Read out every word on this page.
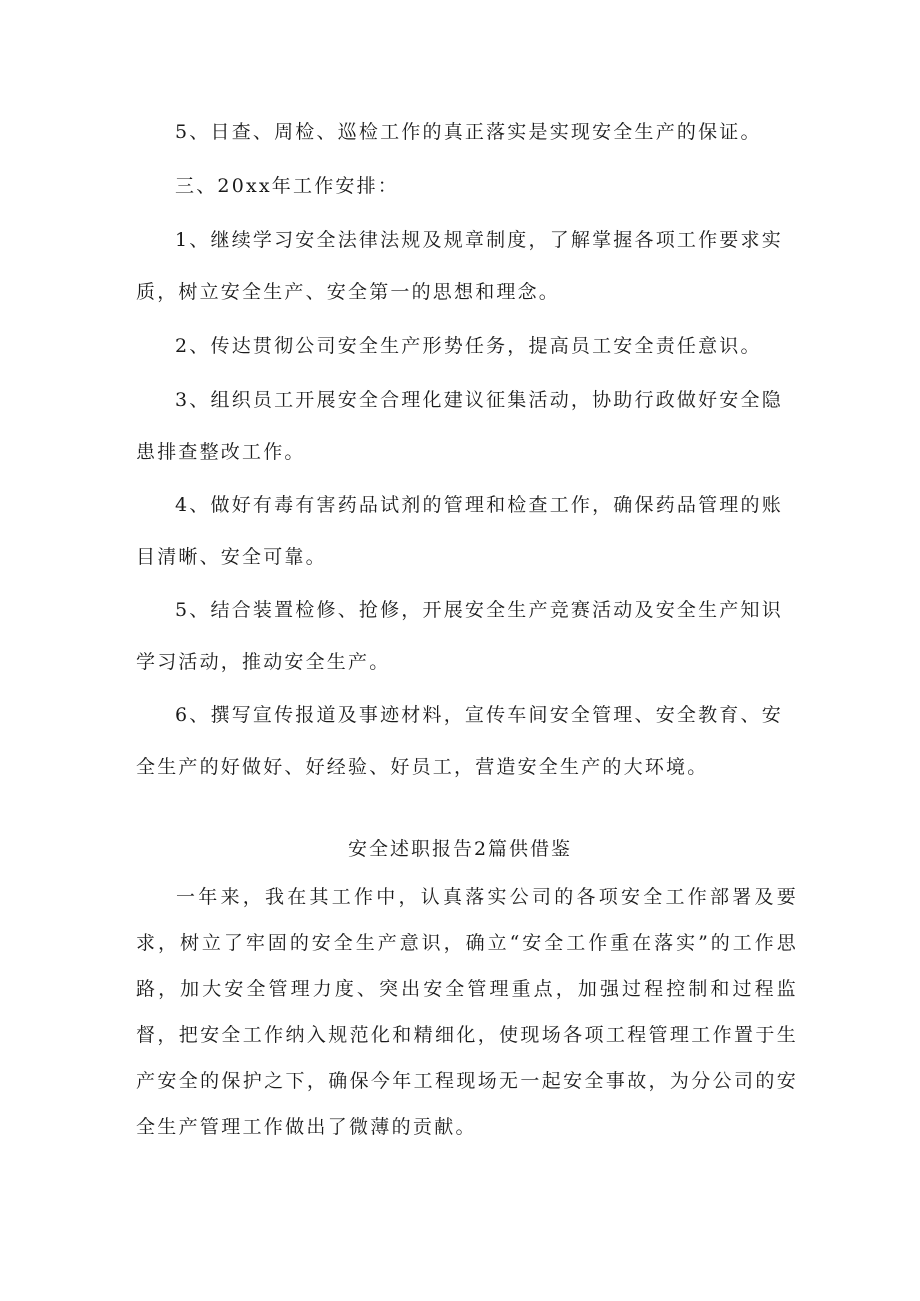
5、日查、周检、巡检工作的真正落实是实现安全生产的保证。

三、20xx年工作安排：

1、继续学习安全法律法规及规章制度，了解掌握各项工作要求实质，树立安全生产、安全第一的思想和理念。

2、传达贯彻公司安全生产形势任务，提高员工安全责任意识。

3、组织员工开展安全合理化建议征集活动，协助行政做好安全隐患排查整改工作。

4、做好有毒有害药品试剂的管理和检查工作，确保药品管理的账目清晰、安全可靠。

5、结合装置检修、抢修，开展安全生产竞赛活动及安全生产知识学习活动，推动安全生产。

6、撰写宣传报道及事迹材料，宣传车间安全管理、安全教育、安全生产的好做好、好经验、好员工，营造安全生产的大环境。

安全述职报告2篇供借鉴

一年来，我在其工作中，认真落实公司的各项安全工作部署及要求，树立了牢固的安全生产意识，确立“安全工作重在落实”的工作思路，加大安全管理力度、突出安全管理重点，加强过程控制和过程监督，把安全工作纳入规范化和精细化，使现场各项工程管理工作置于生产安全的保护之下，确保今年工程现场无一起安全事故，为分公司的安全生产管理工作做出了微薄的贡献。
